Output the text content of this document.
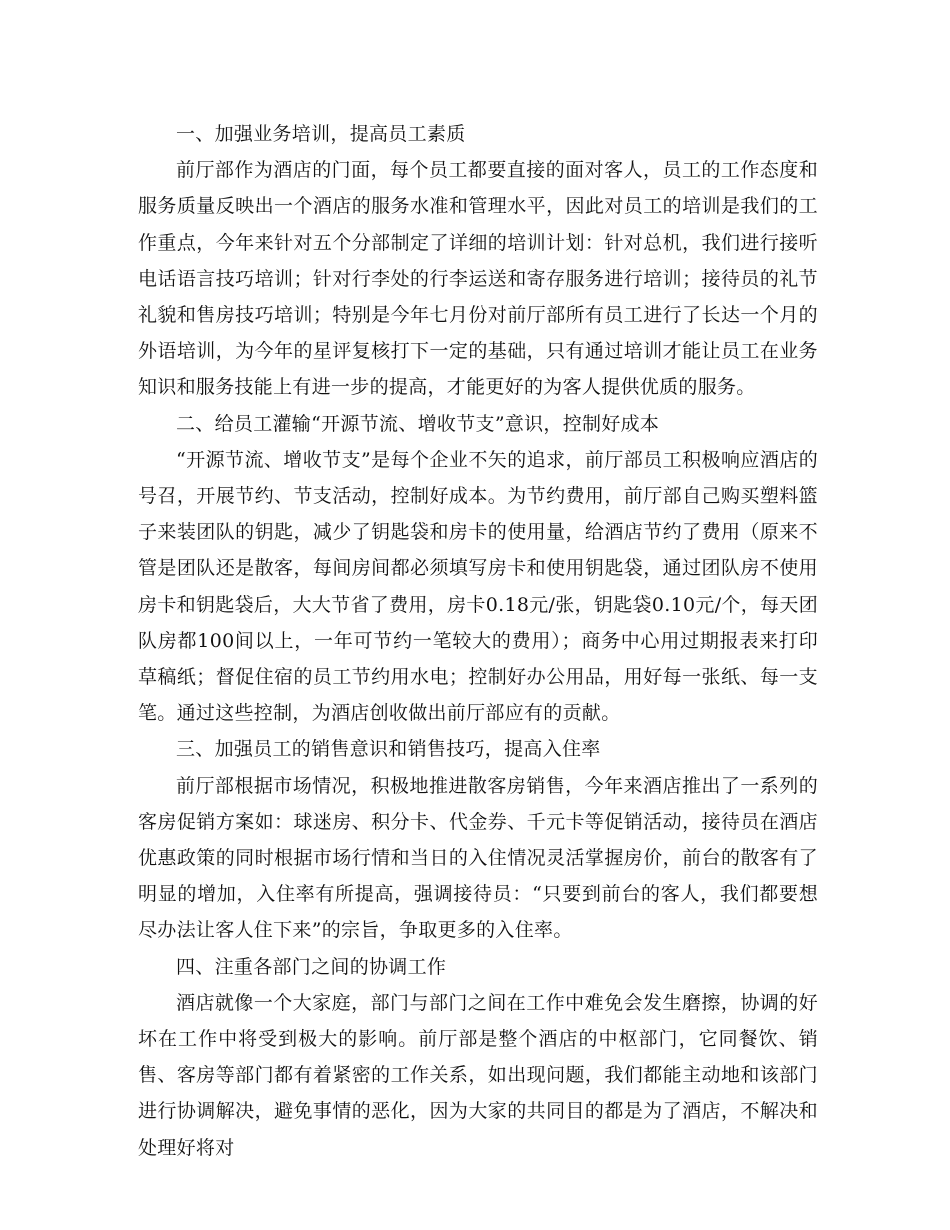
一、加强业务培训，提高员工素质

前厅部作为酒店的门面，每个员工都要直接的面对客人，员工的工作态度和服务质量反映出一个酒店的服务水准和管理水平，因此对员工的培训是我们的工作重点，今年来针对五个分部制定了详细的培训计划：针对总机，我们进行接听电话语言技巧培训；针对行李处的行李运送和寄存服务进行培训；接待员的礼节礼貌和售房技巧培训；特别是今年七月份对前厅部所有员工进行了长达一个月的外语培训，为今年的星评复核打下一定的基础，只有通过培训才能让员工在业务知识和服务技能上有进一步的提高，才能更好的为客人提供优质的服务。

二、给员工灌输“开源节流、增收节支”意识，控制好成本

“开源节流、增收节支”是每个企业不矢的追求，前厅部员工积极响应酒店的号召，开展节约、节支活动，控制好成本。为节约费用，前厅部自己购买塑料篮子来装团队的钥匙，减少了钥匙袋和房卡的使用量，给酒店节约了费用（原来不管是团队还是散客，每间房间都必须填写房卡和使用钥匙袋，通过团队房不使用房卡和钥匙袋后，大大节省了费用，房卡0.18元/张，钥匙袋0.10元/个，每天团队房都100间以上，一年可节约一笔较大的费用）；商务中心用过期报表来打印草稿纸；督促住宿的员工节约用水电；控制好办公用品，用好每一张纸、每一支笔。通过这些控制，为酒店创收做出前厅部应有的贡献。

三、加强员工的销售意识和销售技巧，提高入住率

前厅部根据市场情况，积极地推进散客房销售，今年来酒店推出了一系列的客房促销方案如：球迷房、积分卡、代金券、千元卡等促销活动，接待员在酒店优惠政策的同时根据市场行情和当日的入住情况灵活掌握房价，前台的散客有了明显的增加，入住率有所提高，强调接待员：“只要到前台的客人，我们都要想尽办法让客人住下来”的宗旨，争取更多的入住率。

四、注重各部门之间的协调工作

酒店就像一个大家庭，部门与部门之间在工作中难免会发生磨擦，协调的好坏在工作中将受到极大的影响。前厅部是整个酒店的中枢部门，它同餐饮、销售、客房等部门都有着紧密的工作关系，如出现问题，我们都能主动地和该部门进行协调解决，避免事情的恶化，因为大家的共同目的都是为了酒店，不解决和处理好将对
